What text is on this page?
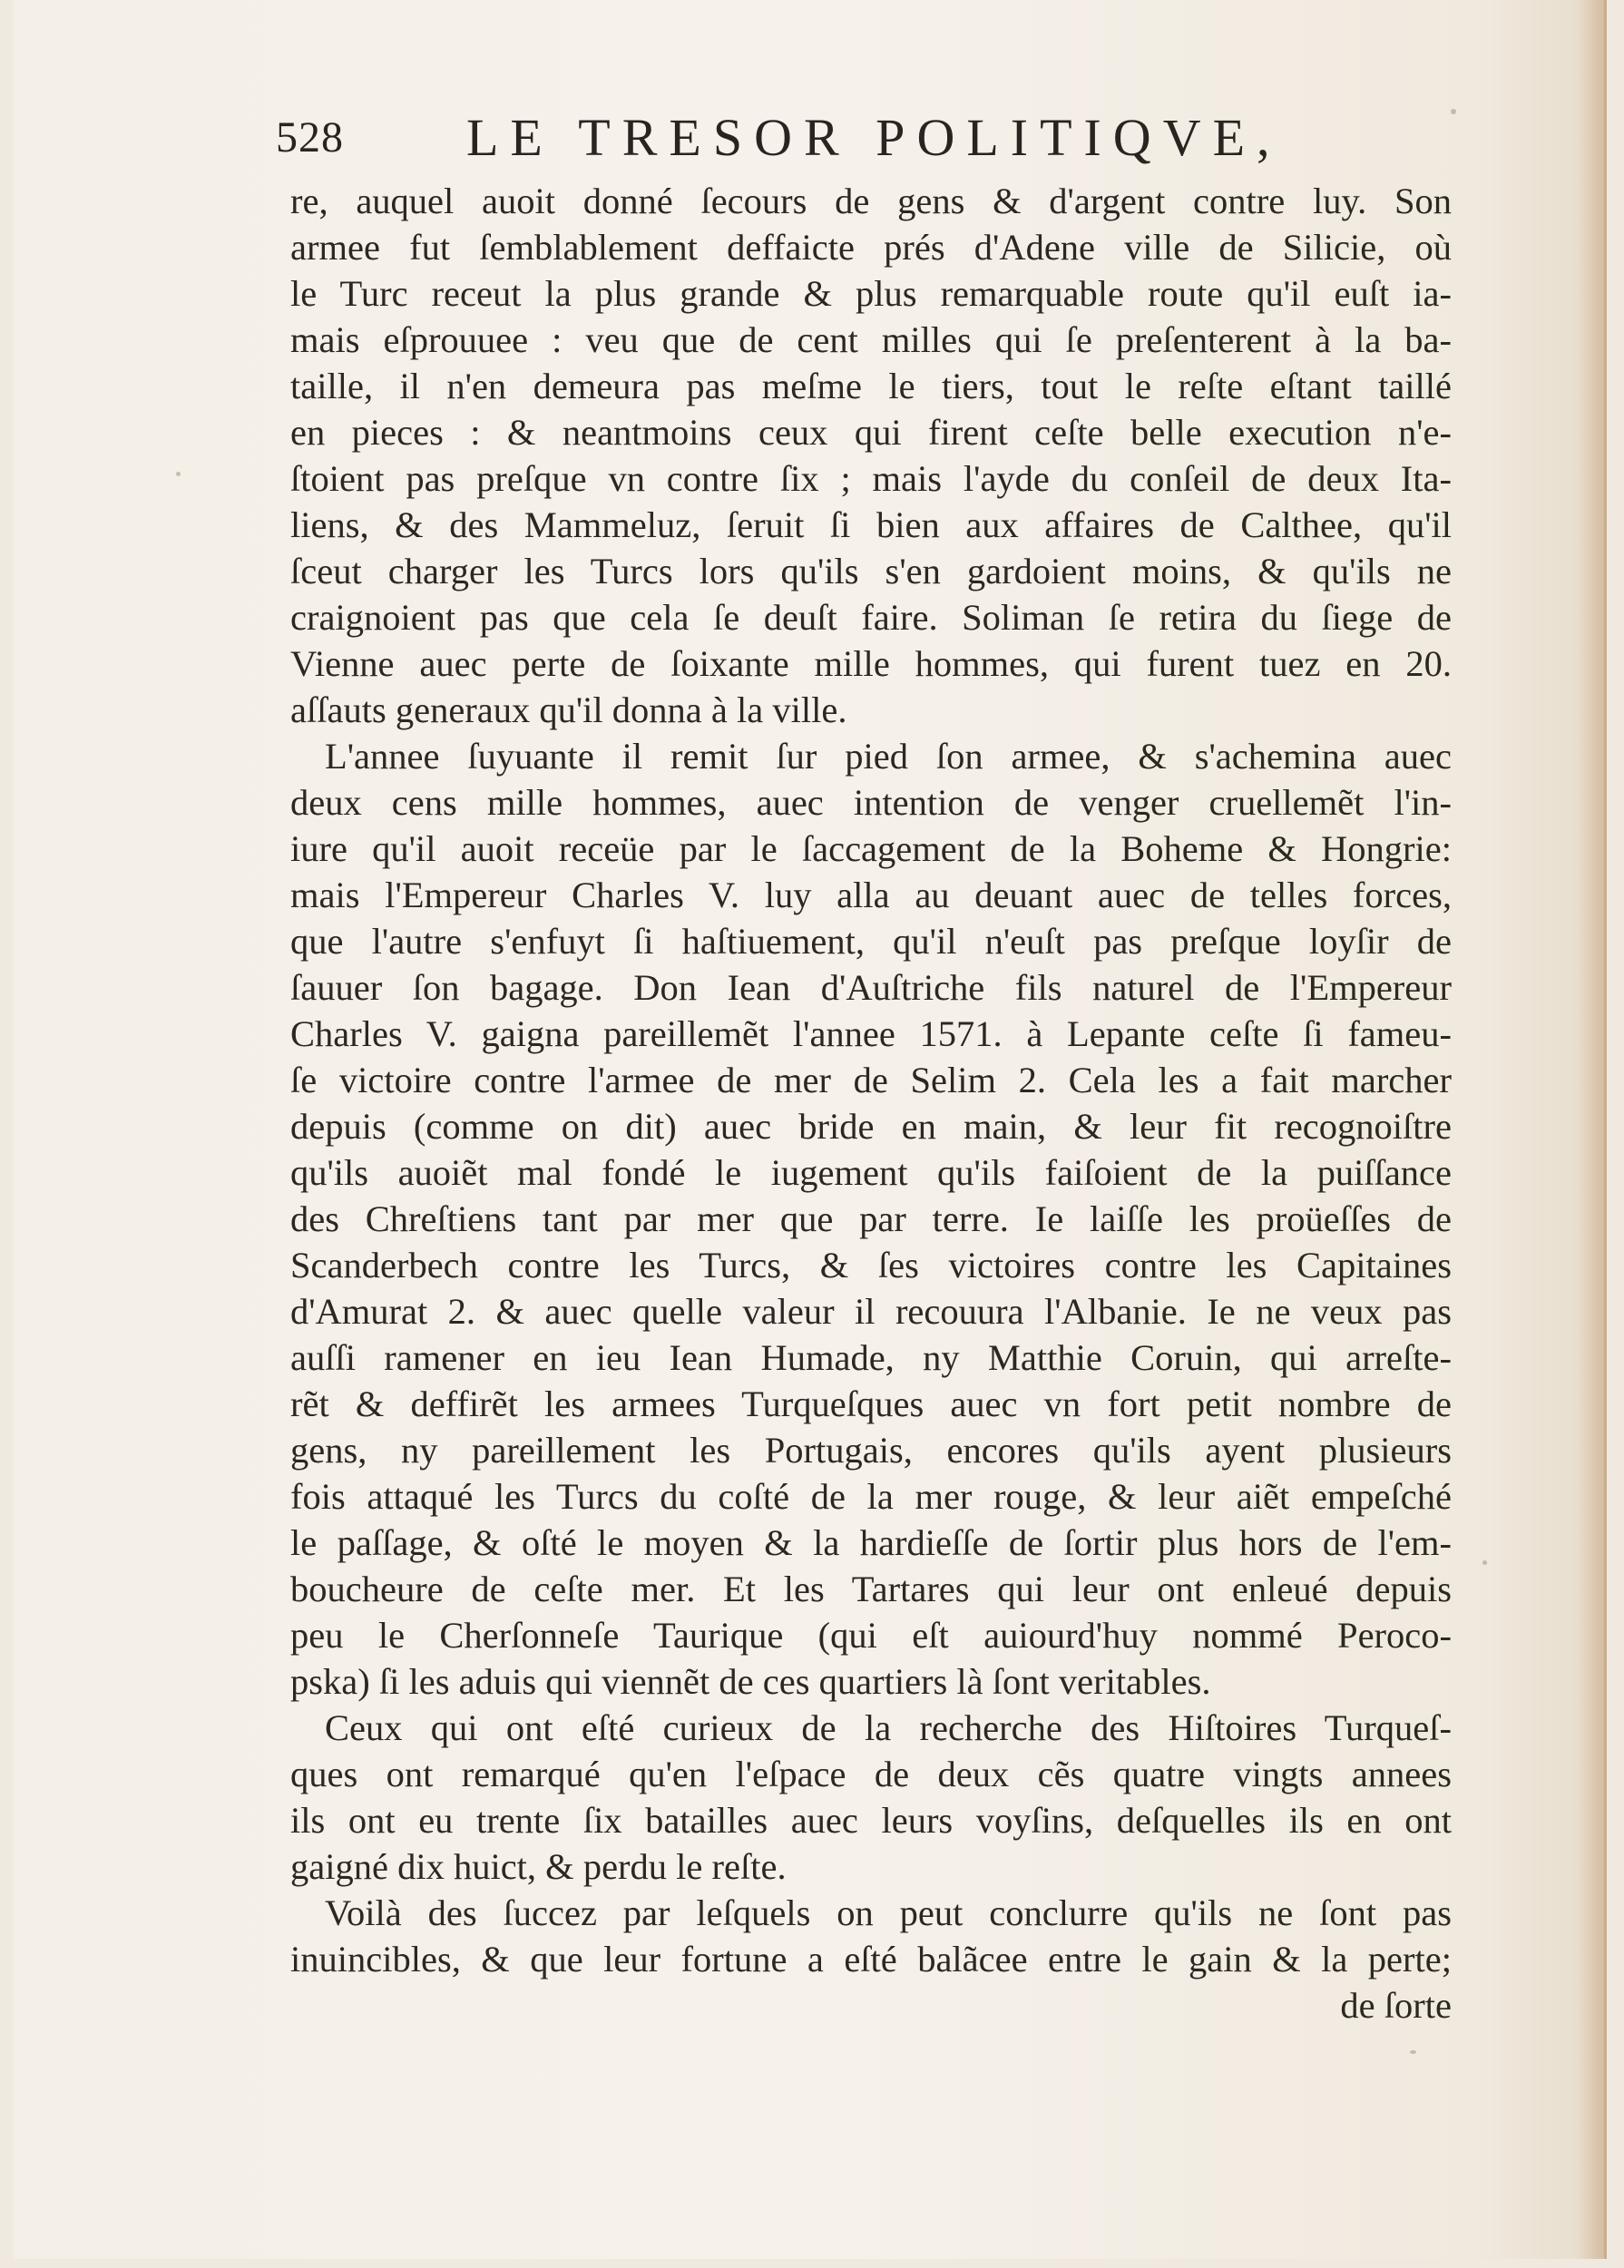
528 LE TRESOR POLITIQVE,
re, auquel auoit donné ſecours de gens & d'argent contre luy. Son
armee fut ſemblablement deffaicte prés d'Adene ville de Silicie, où
le Turc receut la plus grande & plus remarquable route qu'il euſt ia-
mais eſprouuee : veu que de cent milles qui ſe preſenterent à la ba-
taille, il n'en demeura pas meſme le tiers, tout le reſte eſtant taillé
en pieces : & neantmoins ceux qui firent ceſte belle execution n'e-
ſtoient pas preſque vn contre ſix ; mais l'ayde du conſeil de deux Ita-
liens, & des Mammeluz, ſeruit ſi bien aux affaires de Calthee, qu'il
ſceut charger les Turcs lors qu'ils s'en gardoient moins, & qu'ils ne
craignoient pas que cela ſe deuſt faire. Soliman ſe retira du ſiege de
Vienne auec perte de ſoixante mille hommes, qui furent tuez en 20.
aſſauts generaux qu'il donna à la ville.
L'annee ſuyuante il remit ſur pied ſon armee, & s'achemina auec
deux cens mille hommes, auec intention de venger cruellemẽt l'in-
iure qu'il auoit receüe par le ſaccagement de la Boheme & Hongrie:
mais l'Empereur Charles V. luy alla au deuant auec de telles forces,
que l'autre s'enfuyt ſi haſtiuement, qu'il n'euſt pas preſque loyſir de
ſauuer ſon bagage. Don Iean d'Auſtriche fils naturel de l'Empereur
Charles V. gaigna pareillemẽt l'annee 1571. à Lepante ceſte ſi fameu-
ſe victoire contre l'armee de mer de Selim 2. Cela les a fait marcher
depuis (comme on dit) auec bride en main, & leur fit recognoiſtre
qu'ils auoiẽt mal fondé le iugement qu'ils faiſoient de la puiſſance
des Chreſtiens tant par mer que par terre. Ie laiſſe les proüeſſes de
Scanderbech contre les Turcs, & ſes victoires contre les Capitaines
d'Amurat 2. & auec quelle valeur il recouura l'Albanie. Ie ne veux pas
auſſi ramener en ieu Iean Humade, ny Matthie Coruin, qui arreſte-
rẽt & deffirẽt les armees Turqueſques auec vn fort petit nombre de
gens, ny pareillement les Portugais, encores qu'ils ayent plusieurs
fois attaqué les Turcs du coſté de la mer rouge, & leur aiẽt empeſché
le paſſage, & oſté le moyen & la hardieſſe de ſortir plus hors de l'em-
boucheure de ceſte mer. Et les Tartares qui leur ont enleué depuis
peu le Cherſonneſe Taurique (qui eſt auiourd'huy nommé Peroco-
pska) ſi les aduis qui viennẽt de ces quartiers là ſont veritables.
Ceux qui ont eſté curieux de la recherche des Hiſtoires Turqueſ-
ques ont remarqué qu'en l'eſpace de deux cẽs quatre vingts annees
ils ont eu trente ſix batailles auec leurs voyſins, deſquelles ils en ont
gaigné dix huict, & perdu le reſte.
Voilà des ſuccez par leſquels on peut conclurre qu'ils ne ſont pas
inuincibles, & que leur fortune a eſté balãcee entre le gain & la perte;
de ſorte
